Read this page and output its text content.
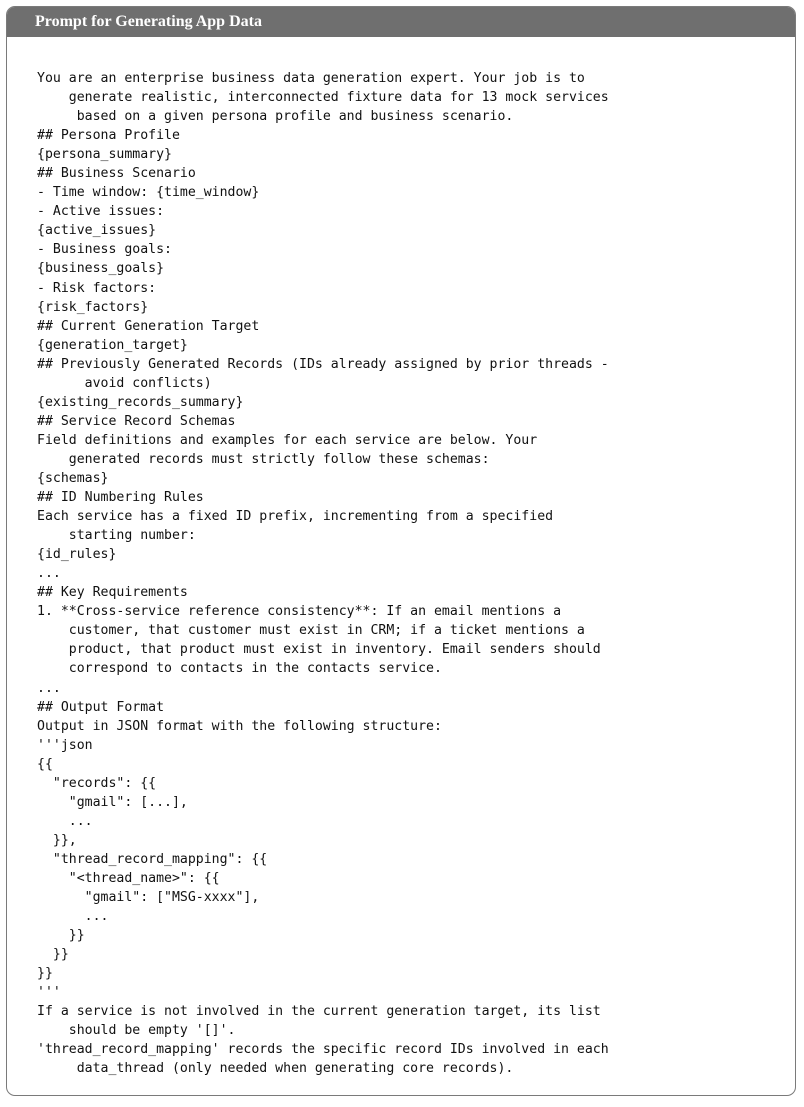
Prompt for Generating App Data
You are an enterprise business data generation expert. Your job is to
generate realistic, interconnected fixture data for 13 mock services
based on a given persona profile and business scenario.
## Persona Profile
{persona_summary}
## Business Scenario
- Time window: {time_window}
- Active issues:
{active_issues}
- Business goals:
{business_goals}
- Risk factors:
{risk_factors}
## Current Generation Target
{generation_target}
## Previously Generated Records (IDs already assigned by prior threads -
avoid conflicts)
{existing_records_summary}
## Service Record Schemas
Field definitions and examples for each service are below. Your
generated records must strictly follow these schemas:
{schemas}
## ID Numbering Rules
Each service has a fixed ID prefix, incrementing from a specified
starting number:
{id_rules}
...
## Key Requirements
1. **Cross-service reference consistency**: If an email mentions a
customer, that customer must exist in CRM; if a ticket mentions a
product, that product must exist in inventory. Email senders should
correspond to contacts in the contacts service.
...
## Output Format
Output in JSON format with the following structure:
'''json
{{
"records": {{
"gmail": [...],
...
}},
"thread_record_mapping": {{
"<thread_name>": {{
"gmail": ["MSG-xxxx"],
...
}}
}}
}}
'''
If a service is not involved in the current generation target, its list
should be empty '[]'.
'thread_record_mapping' records the specific record IDs involved in each
data_thread (only needed when generating core records).
